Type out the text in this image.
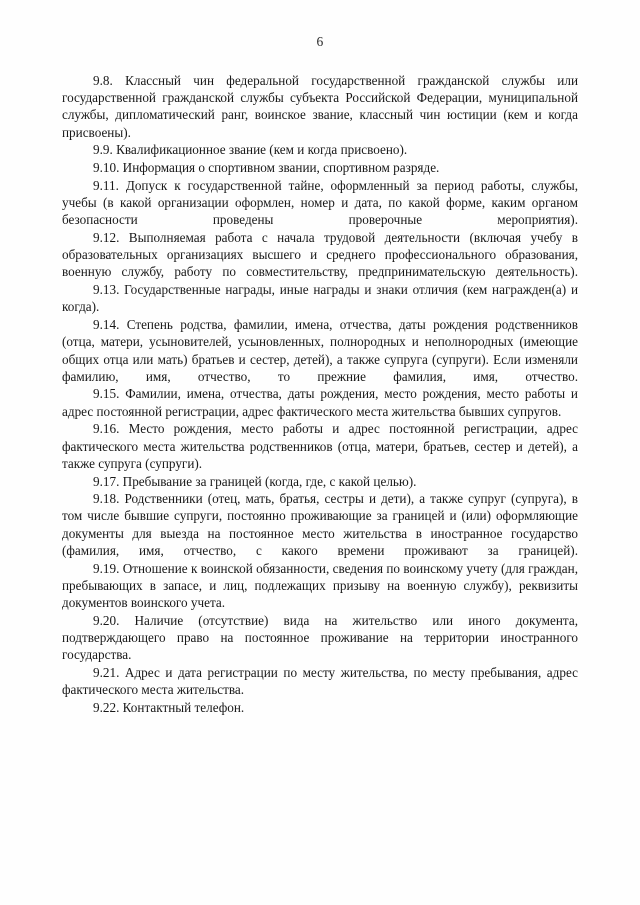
6

9.8. Классный чин федеральной государственной гражданской службы или государственной гражданской службы субъекта Российской Федерации, муниципальной службы, дипломатический ранг, воинское звание, классный чин юстиции (кем и когда присвоены).

9.9. Квалификационное звание (кем и когда присвоено).

9.10. Информация о спортивном звании, спортивном разряде.

9.11. Допуск к государственной тайне, оформленный за период работы, службы, учебы (в какой организации оформлен, номер и дата, по какой форме, каким органом безопасности проведены проверочные мероприятия).

9.12. Выполняемая работа с начала трудовой деятельности (включая учебу в образовательных организациях высшего и среднего профессионального образования, военную службу, работу по совместительству, предпринимательскую деятельность).

9.13. Государственные награды, иные награды и знаки отличия (кем награжден(а) и когда).

9.14. Степень родства, фамилии, имена, отчества, даты рождения родственников (отца, матери, усыновителей, усыновленных, полнородных и неполнородных (имеющие общих отца или мать) братьев и сестер, детей), а также супруга (супруги). Если изменяли фамилию, имя, отчество, то прежние фамилия, имя, отчество.

9.15. Фамилии, имена, отчества, даты рождения, место рождения, место работы и адрес постоянной регистрации, адрес фактического места жительства бывших супругов.

9.16. Место рождения, место работы и адрес постоянной регистрации, адрес фактического места жительства родственников (отца, матери, братьев, сестер и детей), а также супруга (супруги).

9.17. Пребывание за границей (когда, где, с какой целью).

9.18. Родственники (отец, мать, братья, сестры и дети), а также супруг (супруга), в том числе бывшие супруги, постоянно проживающие за границей и (или) оформляющие документы для выезда на постоянное место жительства в иностранное государство (фамилия, имя, отчество, с какого времени проживают за границей).

9.19. Отношение к воинской обязанности, сведения по воинскому учету (для граждан, пребывающих в запасе, и лиц, подлежащих призыву на военную службу), реквизиты документов воинского учета.

9.20. Наличие (отсутствие) вида на жительство или иного документа, подтверждающего право на постоянное проживание на территории иностранного государства.

9.21. Адрес и дата регистрации по месту жительства, по месту пребывания, адрес фактического места жительства.

9.22. Контактный телефон.
